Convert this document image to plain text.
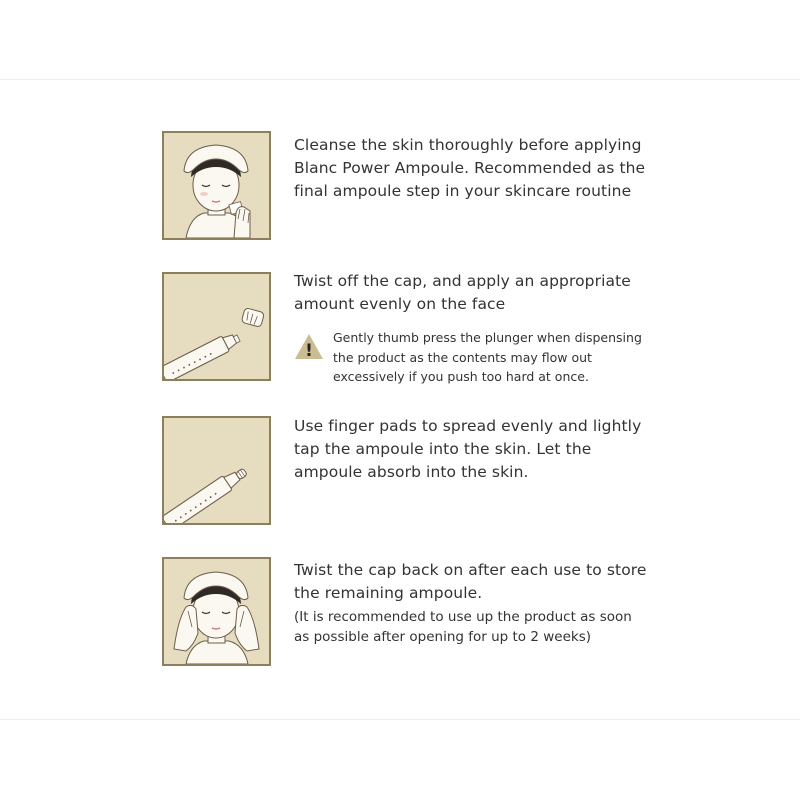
Cleanse the skin thoroughly before applying
Blanc Power Ampoule. Recommended as the
final ampoule step in your skincare routine
Twist off the cap, and apply an appropriate
amount evenly on the face
!
Gently thumb press the plunger when dispensing
the product as the contents may flow out
excessively if you push too hard at once.
Use finger pads to spread evenly and lightly
tap the ampoule into the skin. Let the
ampoule absorb into the skin.
Twist the cap back on after each use to store
the remaining ampoule.
(It is recommended to use up the product as soon
as possible after opening for up to 2 weeks)
